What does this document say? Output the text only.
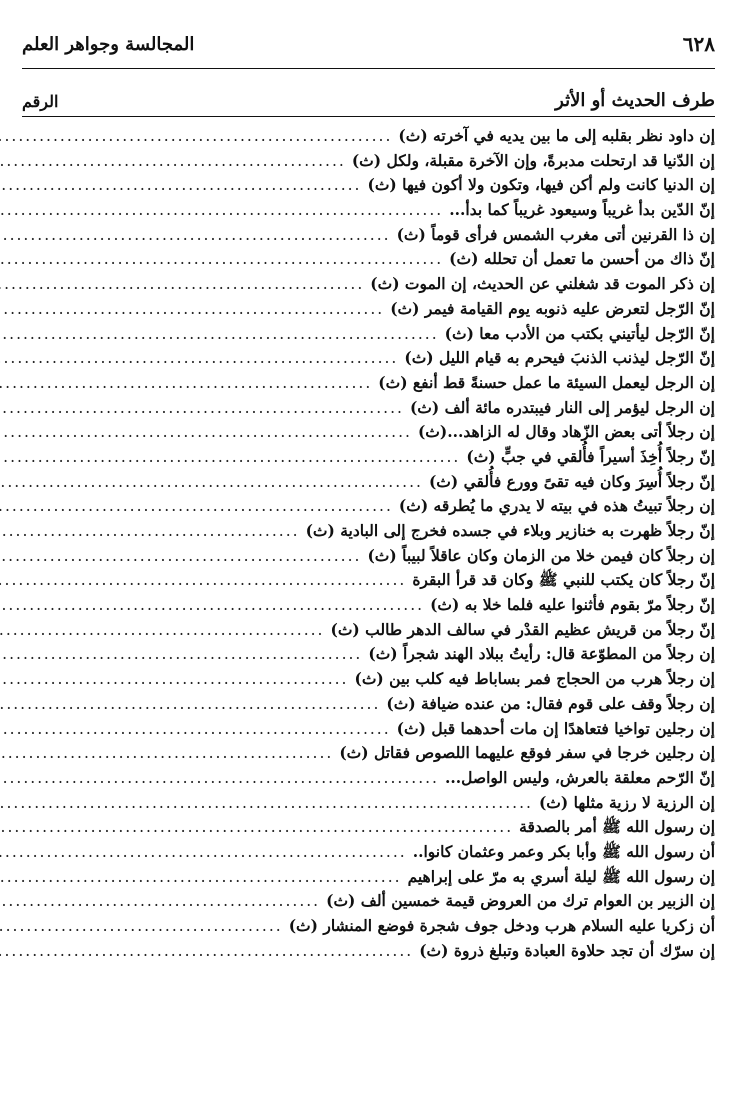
٦٢٨
المجالسة وجواهر العلم
طرف الحديث أو الأثر
الرقم
إن داود نظر بقلبه إلى ما بين يديه في آخرته (ث)
.....
إن الدّنيا قد ارتحلت مدبرةً، وإن الآخرة مقبلة، ولكل (ث)
.....
إن الدنيا كانت ولم أكن فيها، وتكون ولا أكون فيها (ث)
.....
إنّ الدّين بدأ غريباً وسيعود غريباً كما بدأ...
.....
إن ذا القرنين أتى مغرب الشمس فرأى قوماً (ث)
.....
إنّ ذاك من أحسن ما تعمل أن تحلله (ث)
.....
إن ذكر الموت قد شغلني عن الحديث، إن الموت (ث)
.....
إنّ الرّجل لتعرض عليه ذنوبه يوم القيامة فيمر (ث)
.....
إنّ الرّجل ليأتيني بكتب من الأدب معا (ث)
.....
إنّ الرّجل ليذنب الذنبَ فيحرم به قيام الليل (ث)
.....
إن الرجل ليعمل السيئة ما عمل حسنةً قط أنفع (ث)
.....
إن الرجل ليؤمر إلى النار فيبتدره مائة ألف (ث)
.....
إن رجلاً أتى بعض الزّهاد وقال له الزاهد...(ث)
.....
إنّ رجلاً أُخِذَ أسيراً فأُلقي في جبٍّ (ث)
.....
إنّ رجلاً أُسِرَ وكان فيه تقىً وورع فأُلقي (ث)
.....
إن رجلاً تبيتُ هذه في بيته لا يدري ما يُطرقه (ث)
.....
إنّ رجلاً ظهرت به خنازير وبلاء في جسده فخرج إلى البادية (ث)
.....
إن رجلاً كان فيمن خلا من الزمان وكان عاقلاً لبيباً (ث)
.....
إنّ رجلاً كان يكتب للنبي ﷺ وكان قد قرأ البقرة
.....
إنّ رجلاً مرّ بقوم فأثنوا عليه فلما خلا به (ث)
.....
إنّ رجلاً من قريش عظيم القدْر في سالف الدهر طالب (ث)
.....
إن رجلاً من المطوّعة قال: رأيتُ ببلاد الهند شجراً (ث)
.....
إن رجلاً هرب من الحجاج فمر بساباط فيه كلب بين (ث)
.....
إن رجلاً وقف على قوم فقال: من عنده ضيافة (ث)
.....
إن رجلين تواخيا فتعاهدًا إن مات أحدهما قبل (ث)
.....
إن رجلين خرجا في سفر فوقع عليهما اللصوص فقاتل (ث)
.....
إنّ الرّحم معلقة بالعرش، وليس الواصل...
.....
إن الرزية لا رزية مثلها (ث)
.....
إن رسول الله ﷺ أمر بالصدقة
.....
أن رسول الله ﷺ وأبا بكر وعمر وعثمان كانوا..
.....
إن رسول الله ﷺ ليلة أسري به مرّ على إبراهيم
.....
إن الزبير بن العوام ترك من العروض قيمة خمسين ألف (ث)
.....
أن زكريا عليه السلام هرب ودخل جوف شجرة فوضع المنشار (ث)
.....
إن سرّك أن تجد حلاوة العبادة وتبلغ ذروة (ث)
.....
